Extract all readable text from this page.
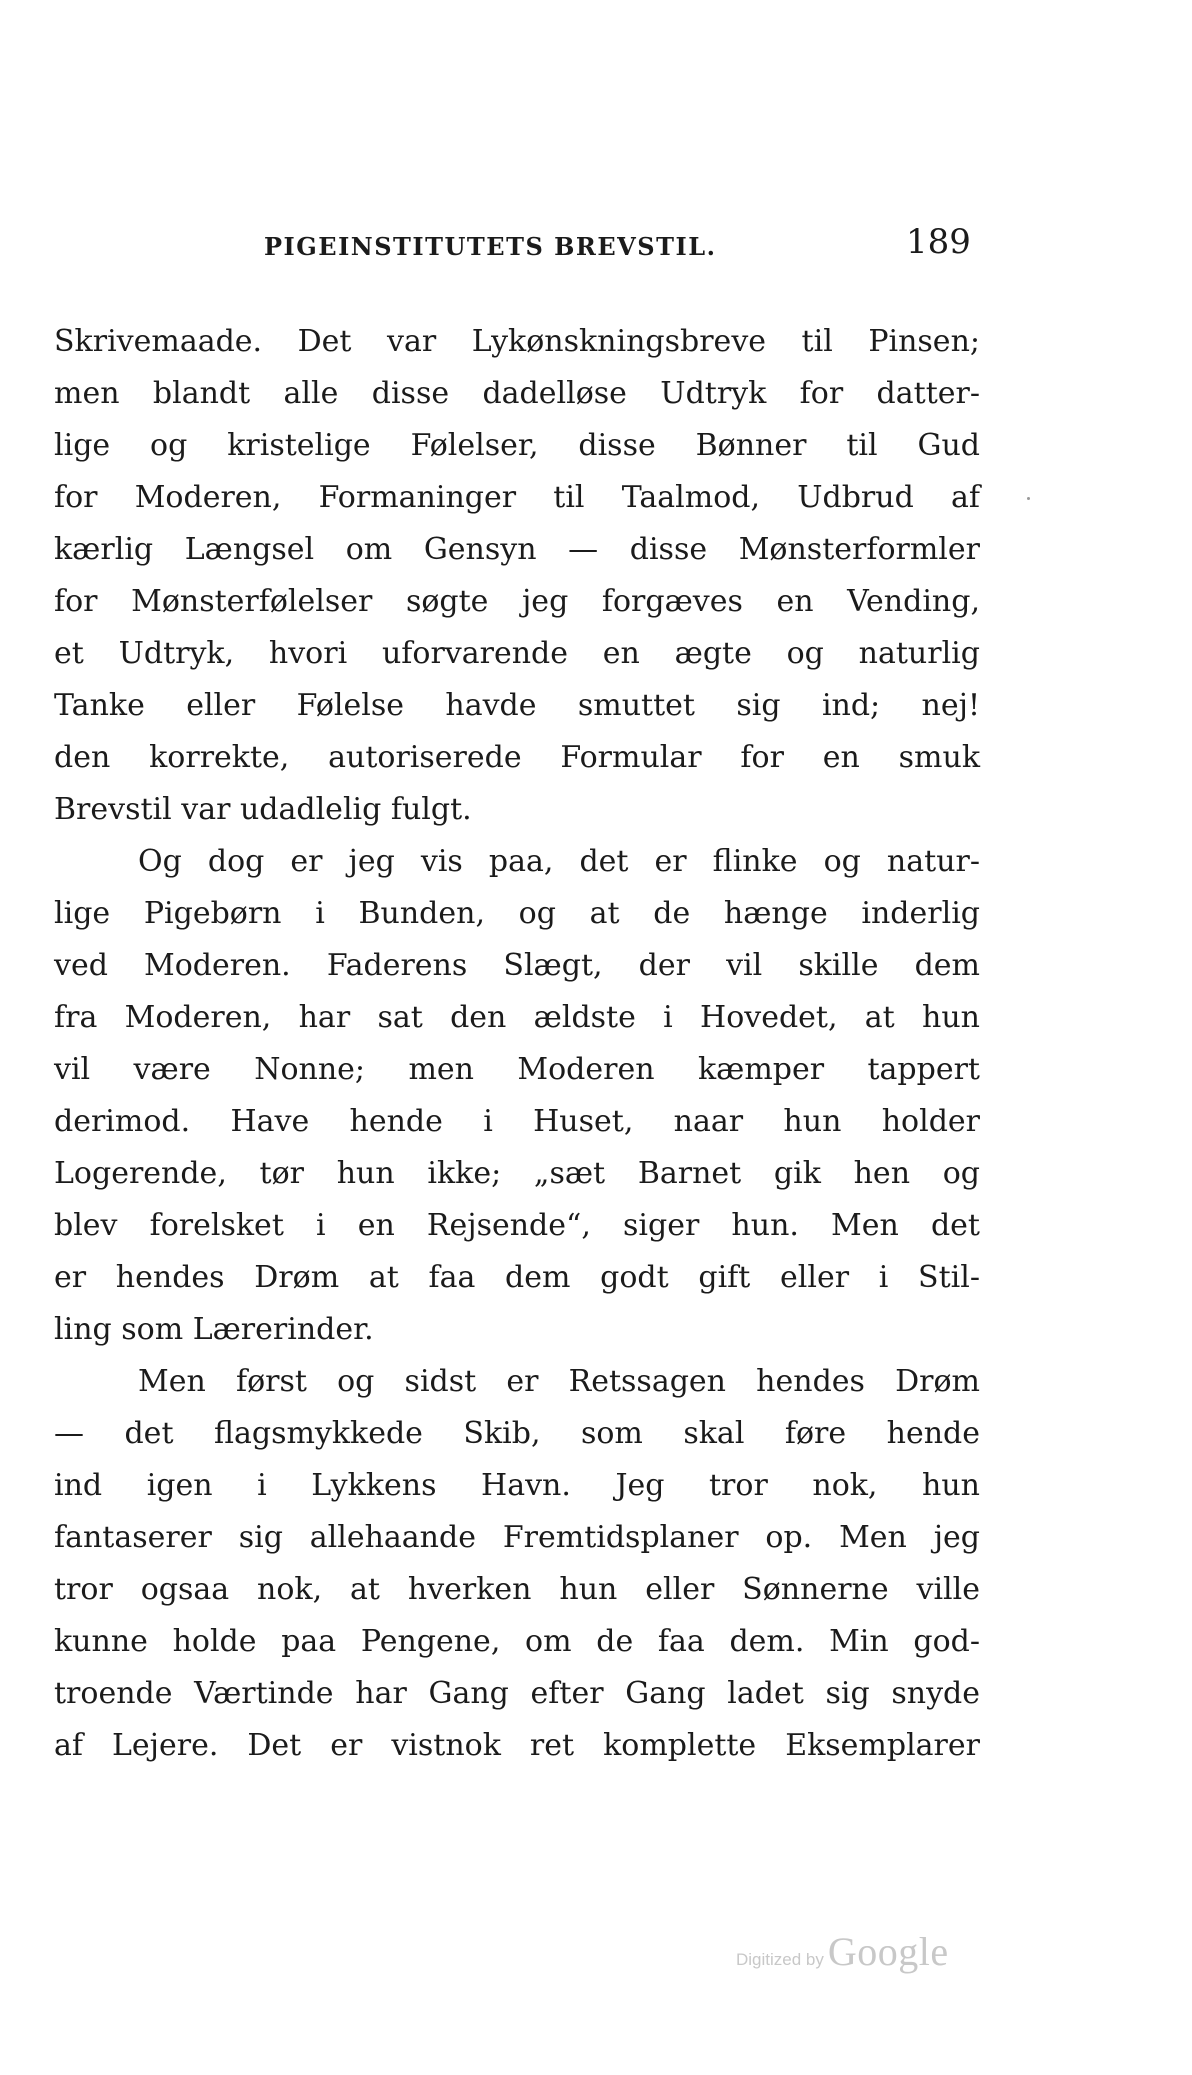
PIGEINSTITUTETS BREVSTIL.	189
Skrivemaade. Det var Lykønskningsbreve til Pinsen;
men blandt alle disse dadelløse Udtryk for datter-
lige og kristelige Følelser, disse Bønner til Gud
for Moderen, Formaninger til Taalmod, Udbrud af
kærlig Længsel om Gensyn — disse Mønsterformler
for Mønsterfølelser søgte jeg forgæves en Vending,
et Udtryk, hvori uforvarende en ægte og naturlig
Tanke eller Følelse havde smuttet sig ind; nej!
den korrekte, autoriserede Formular for en smuk
Brevstil var udadlelig fulgt.
Og dog er jeg vis paa, det er flinke og natur-
lige Pigebørn i Bunden, og at de hænge inderlig
ved Moderen. Faderens Slægt, der vil skille dem
fra Moderen, har sat den ældste i Hovedet, at hun
vil være Nonne; men Moderen kæmper tappert
derimod. Have hende i Huset, naar hun holder
Logerende, tør hun ikke; „sæt Barnet gik hen og
blev forelsket i en Rejsende“, siger hun. Men det
er hendes Drøm at faa dem godt gift eller i Stil-
ling som Lærerinder.
Men først og sidst er Retssagen hendes Drøm
— det flagsmykkede Skib, som skal føre hende
ind igen i Lykkens Havn. Jeg tror nok, hun
fantaserer sig allehaande Fremtidsplaner op. Men jeg
tror ogsaa nok, at hverken hun eller Sønnerne ville
kunne holde paa Pengene, om de faa dem. Min god-
troende Værtinde har Gang efter Gang ladet sig snyde
af Lejere. Det er vistnok ret komplette Eksemplarer
Digitized by Google
